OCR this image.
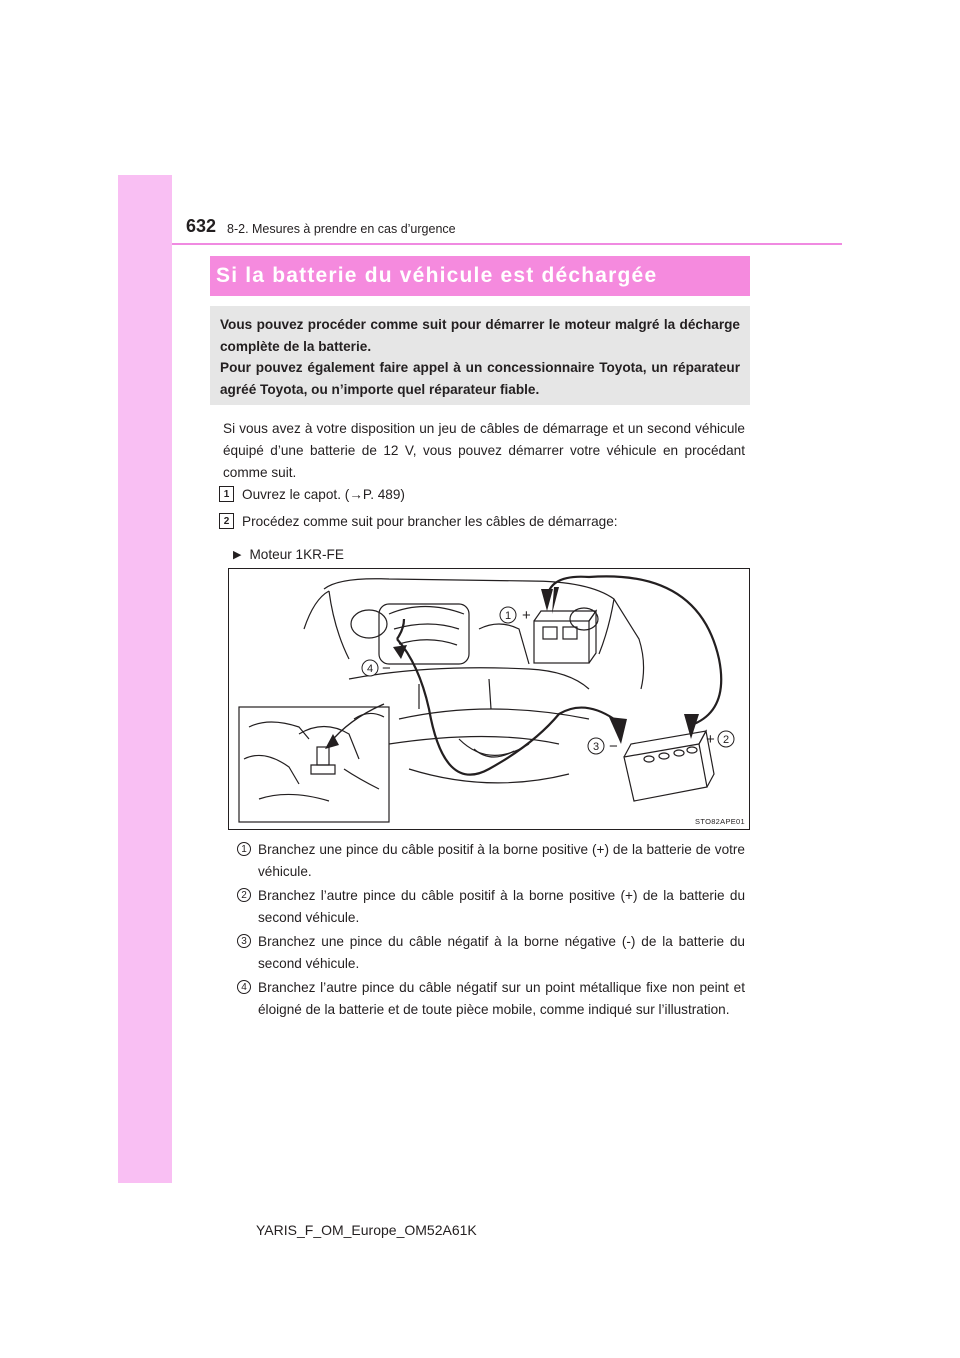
632 8-2. Mesures à prendre en cas d’urgence
Si la batterie du véhicule est déchargée

Vous pouvez procéder comme suit pour démarrer le moteur malgré la décharge complète de la batterie.

Pour pouvez également faire appel à un concessionnaire Toyota, un réparateur agréé Toyota, ou n’importe quel réparateur fiable.

Si vous avez à votre disposition un jeu de câbles de démarrage et un second véhicule équipé d’une batterie de 12 V, vous pouvez démarrer votre véhicule en procédant comme suit.

1 Ouvrez le capot. (→P. 489)
2 Procédez comme suit pour brancher les câbles de démarrage:
▶ Moteur 1KR-FE
1 +
2
+
3 −
4 −
STO82APE01
1 Branchez une pince du câble positif à la borne positive (+) de la batterie de votre véhicule.
2 Branchez l’autre pince du câble positif à la borne positive (+) de la batterie du second véhicule.
3 Branchez une pince du câble négatif à la borne négative (-) de la batterie du second véhicule.
4 Branchez l’autre pince du câble négatif sur un point métallique fixe non peint et éloigné de la batterie et de toute pièce mobile, comme indiqué sur l’illustration.
YARIS_F_OM_Europe_OM52A61K
